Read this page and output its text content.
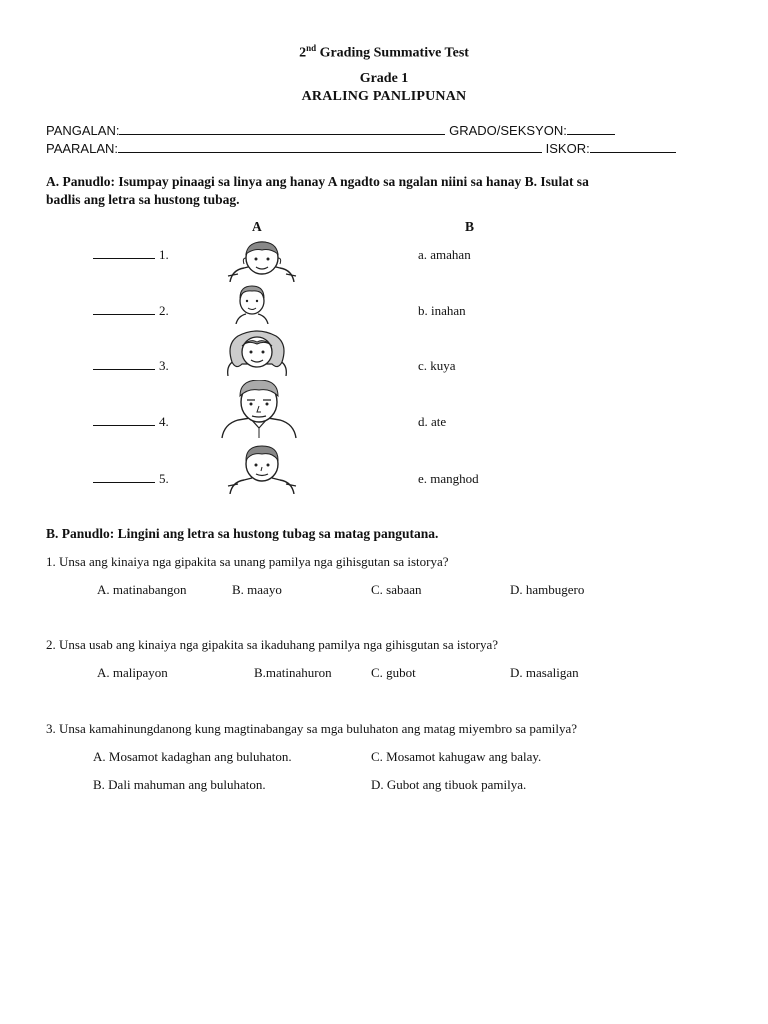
2nd Grading Summative Test
Grade 1
ARALING PANLIPUNAN
PANGALAN:	GRADO/SEKSYON:
PAARALAN:	ISKOR:
A. Panudlo: Isumpay pinaagi sa linya ang hanay A ngadto sa ngalan niini sa hanay B. Isulat sa
badlis ang letra sa hustong tubag.
A	B
1.	a. amahan
2.	b. inahan
3.	c. kuya
4.	d. ate
5.	e. manghod
B. Panudlo: Lingini ang letra sa hustong tubag sa matag pangutana.
1. Unsa ang kinaiya nga gipakita sa unang pamilya nga gihisgutan sa istorya?
A. matinabangon	B. maayo	C. sabaan	D. hambugero
2. Unsa usab ang kinaiya nga gipakita sa ikaduhang pamilya nga gihisgutan sa istorya?
A. malipayon	B.matinahuron	C. gubot	D. masaligan
3. Unsa kamahinungdanong kung magtinabangay sa mga buluhaton ang matag miyembro sa pamilya?
A. Mosamot kadaghan ang buluhaton.	C. Mosamot kahugaw ang balay.
B. Dali mahuman ang buluhaton.	D. Gubot ang tibuok pamilya.
